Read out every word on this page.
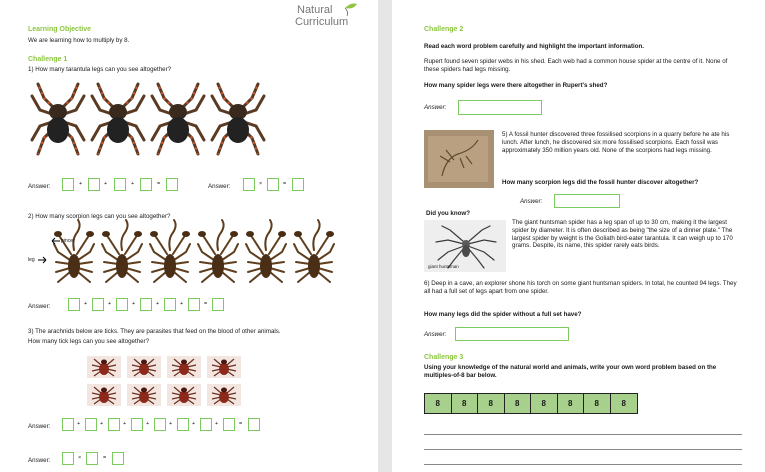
Natural
Curriculum
Learning Objective
We are learning how to multiply by 8.
Challenge 1
1) How many tarantula legs can you see altogether?
Answer:	+	+	+	=	Answer:	×	=
2) How many scorpion legs can you see altogether?
pincer
leg
Answer:	+	+	+	+	+	=
3) The arachnids below are ticks. They are parasites that feed on the blood of other animals.
How many tick legs can you see altogether?
Answer:	+	+	+	+	+	+	+	=
Answer:	×	=
Challenge 2
Read each word problem carefully and highlight the important information.
Rupert found seven spider webs in his shed. Each web had a common house spider at the centre of it. None of these spiders had legs missing.
How many spider legs were there altogether in Rupert's shed?
Answer:
5) A fossil hunter discovered three fossilised scorpions in a quarry before he ate his lunch. After lunch, he discovered six more fossilised scorpions. Each fossil was approximately 350 million years old. None of the scorpions had legs missing.
How many scorpion legs did the fossil hunter discover altogether?
Answer:
Did you know?
giant huntsman
The giant huntsman spider has a leg span of up to 30 cm, making it the largest spider by diameter. It is often described as being "the size of a dinner plate." The largest spider by weight is the Goliath bird-eater tarantula. It can weigh up to 170 grams. Despite, its name, this spider rarely eats birds.
6) Deep in a cave, an explorer shone his torch on some giant huntsman spiders. In total, he counted 94 legs. They all had a full set of legs apart from one spider.
How many legs did the spider without a full set have?
Answer:
Challenge 3
Using your knowledge of the natural world and animals, write your own word problem based on the multiples-of-8 bar below.
8	8	8	8	8	8	8	8
